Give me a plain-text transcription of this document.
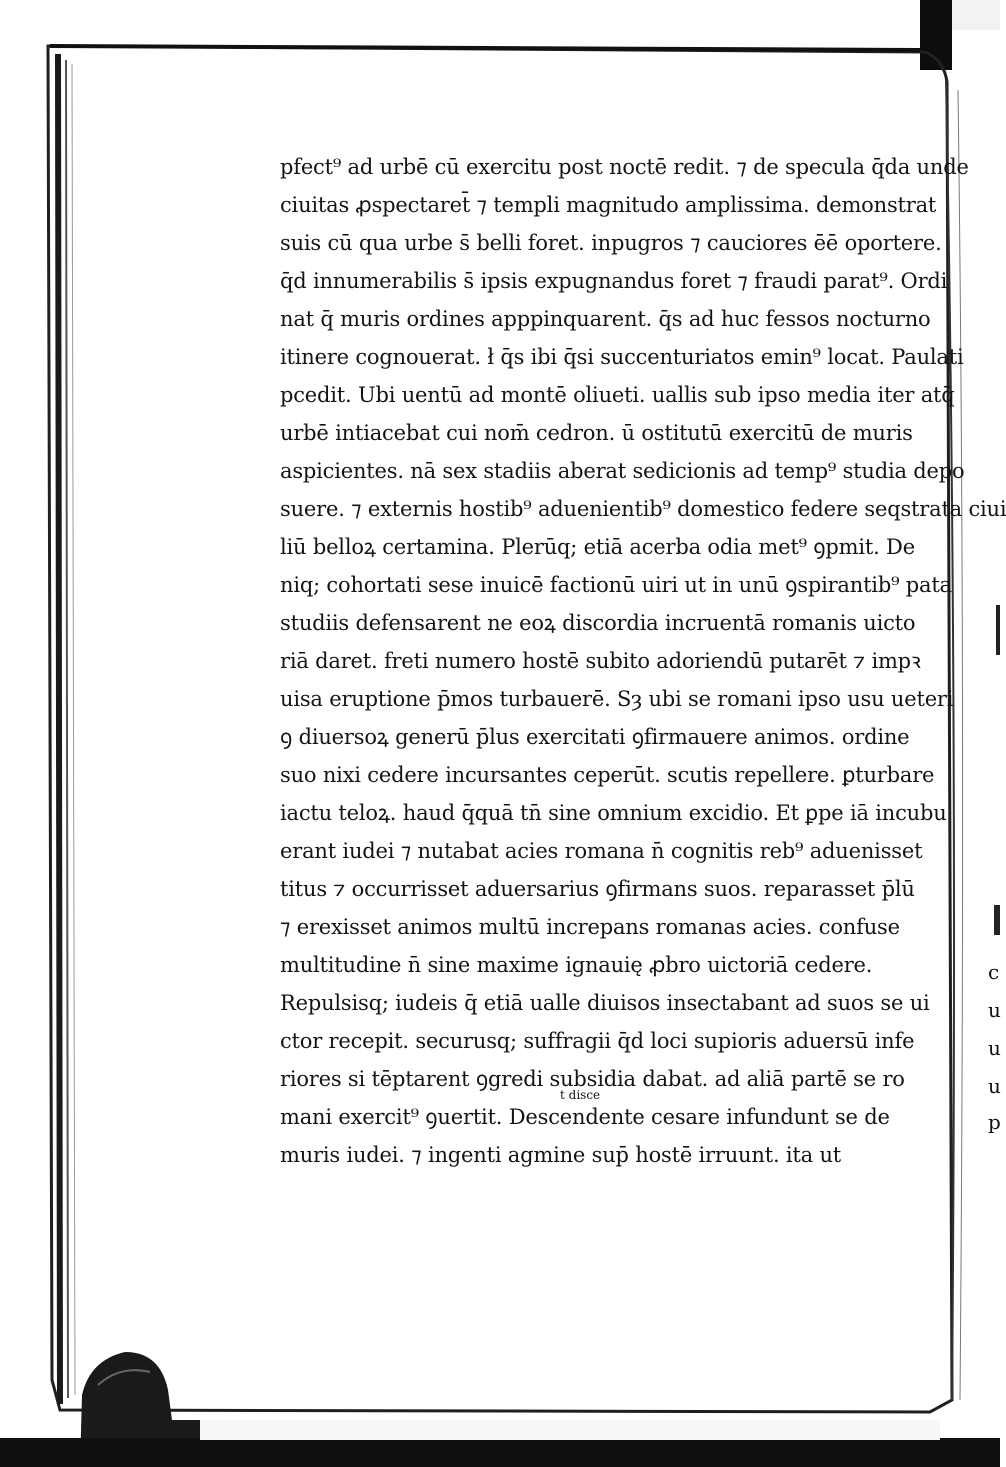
pfect⁹ ad urbē cū exercitu post noctē redit. ⁊ de specula q̄da unde
ciuitas ꝓspectaret̄ ⁊ templi magnitudo amplissima. demonstrat
suis cū qua urbe s̄ belli foret. inpugros ⁊ cauciores ēē oportere.
q̄d innumerabilis s̄ ipsis expugnandus foret ⁊ fraudi parat⁹. Ordi
nat q̄ muris ordines apppinquarent. q̄s ad huc fessos nocturno
itinere cognouerat. ł q̄s ibi q̄si succenturiatos emin⁹ locat. Paulati
pcedit. Ubi uentū ad montē oliueti. uallis sub ipso media iter atq̄
urbē intiacebat cui nom̄ cedron. ū ostitutū exercitū de muris
aspicientes. nā sex stadiis aberat sedicionis ad temp⁹ studia depo
suere. ⁊ externis hostib⁹ aduenientib⁹ domestico federe seqstrata ciui
liū belloꝝ certamina. Plerūq; etiā acerba odia met⁹ ꝯpmit. De
niq; cohortati sese inuicē factionū uiri ut in unū ꝯspirantib⁹ pata
studiis defensarent ne eoꝝ discordia incruentā romanis uicto
riā daret. freti numero hostē subito adoriendū putarēt ⁊ impꝛ
uisa eruptione p̄mos turbauerē. Sȝ ubi se romani ipso usu ueteri
ꝯ diuersoꝝ generū p̄lus exercitati ꝯfirmauere animos. ordine
suo nixi cedere incursantes ceperūt. scutis repellere. ꝑturbare
iactu teloꝝ. haud q̄quā tn̄ sine omnium excidio. Et ꝑpe iā incubu
erant iudei ⁊ nutabat acies romana n̄ cognitis reb⁹ aduenisset
titus ⁊ occurrisset aduersarius ꝯfirmans suos. reparasset p̄lū
⁊ erexisset animos multū increpans romanas acies. confuse
multitudine n̄ sine maxime ignauię ꝓbro uictoriā cedere.
Repulsisq; iudeis q̄ etiā ualle diuisos insectabant ad suos se ui
ctor recepit. securusq; suffragii q̄d loci supioris aduersū infe
riores si tēptarent ꝯgredi subsidia dabat. ad aliā partē se ro
mani exercit⁹ ꝯuertit. Descendente cesare infundunt se de
muris iudei. ⁊ ingenti agmine sup̄ hostē irruunt. ita ut
t disce
c
u
u
u
p
